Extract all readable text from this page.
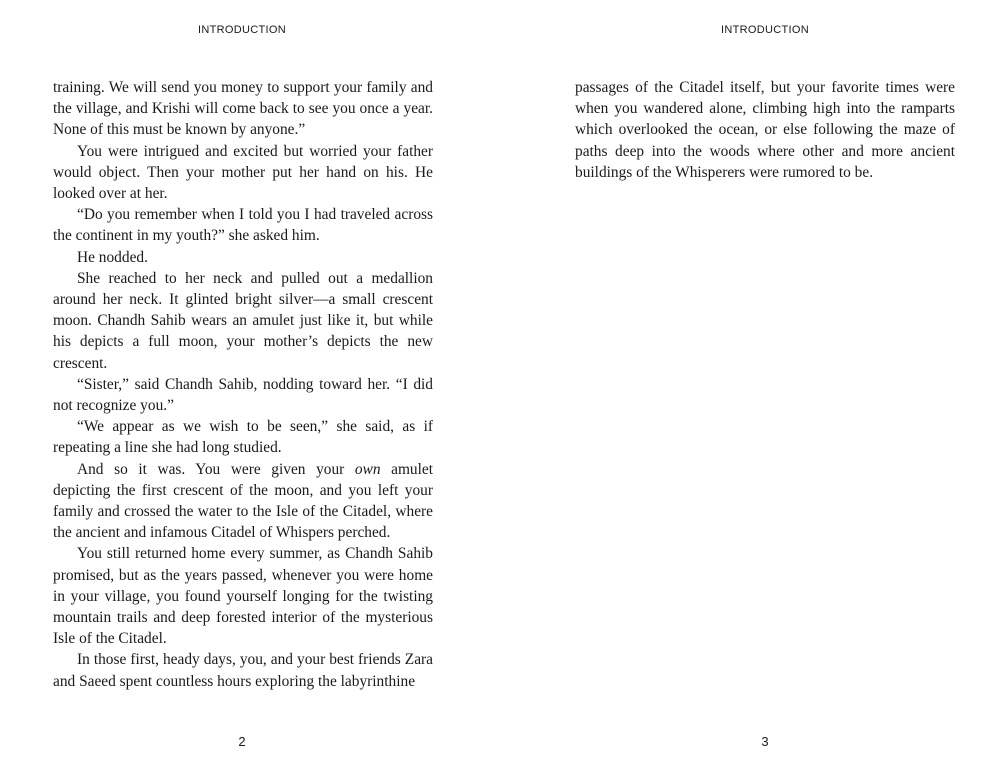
INTRODUCTION

training. We will send you money to support your family and the village, and Krishi will come back to see you once a year. None of this must be known by anyone.”

You were intrigued and excited but worried your father would object. Then your mother put her hand on his. He looked over at her.

“Do you remember when I told you I had traveled across the continent in my youth?” she asked him.

He nodded.

She reached to her neck and pulled out a medallion around her neck. It glinted bright silver—a small crescent moon. Chandh Sahib wears an amulet just like it, but while his depicts a full moon, your mother’s depicts the new crescent.

“Sister,” said Chandh Sahib, nodding toward her. “I did not recognize you.”

“We appear as we wish to be seen,” she said, as if repeating a line she had long studied.

And so it was. You were given your own amulet depicting the first crescent of the moon, and you left your family and crossed the water to the Isle of the Citadel, where the ancient and infamous Citadel of Whispers perched.

You still returned home every summer, as Chandh Sahib promised, but as the years passed, whenever you were home in your village, you found yourself longing for the twisting mountain trails and deep forested interior of the mysterious Isle of the Citadel.

In those first, heady days, you, and your best friends Zara and Saeed spent countless hours exploring the labyrinthine

2
INTRODUCTION

passages of the Citadel itself, but your favorite times were when you wandered alone, climbing high into the ramparts which overlooked the ocean, or else following the maze of paths deep into the woods where other and more ancient buildings of the Whisperers were rumored to be.

3
